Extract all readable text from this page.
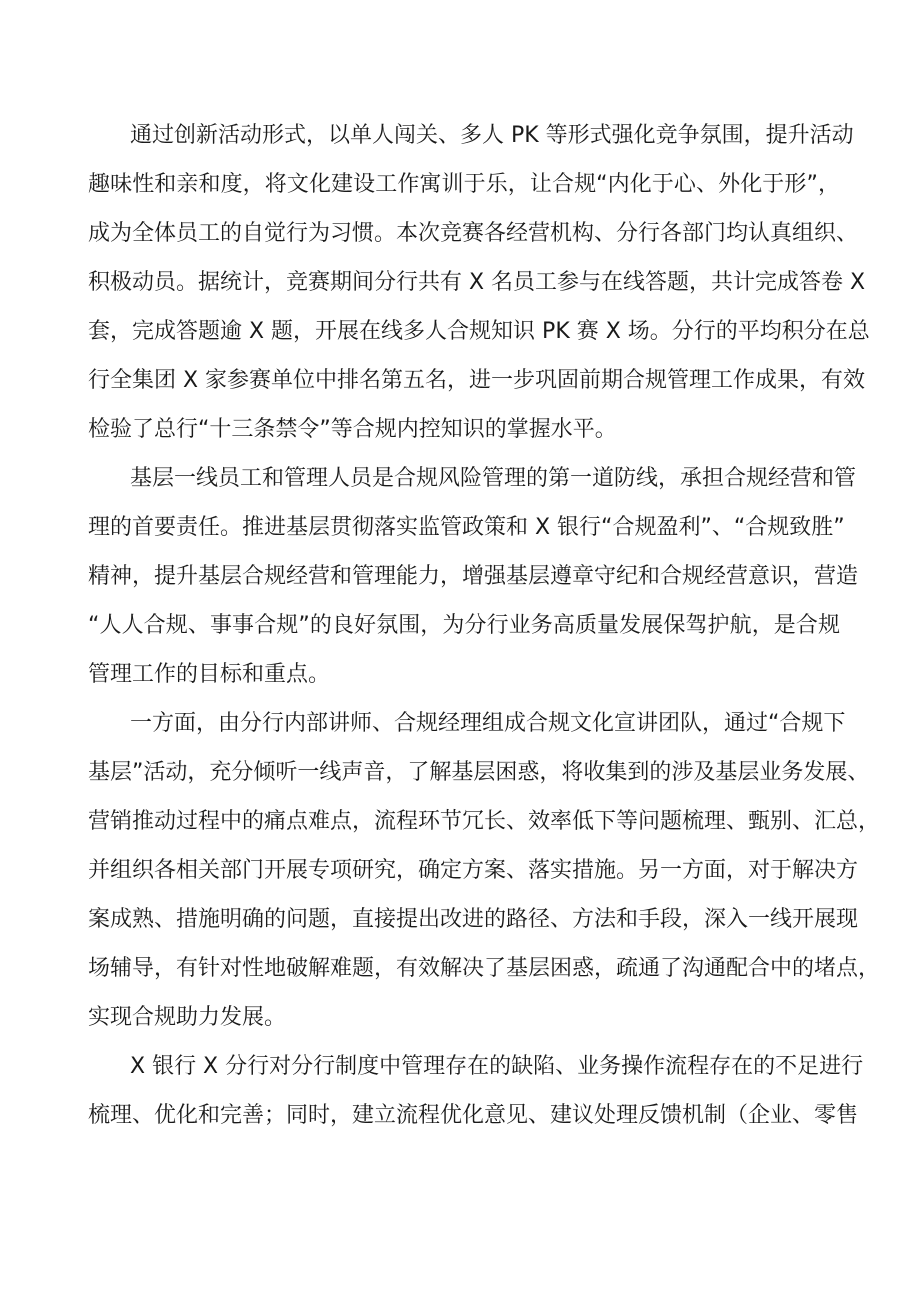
通过创新活动形式，以单人闯关、多人 PK 等形式强化竞争氛围，提升活动
趣味性和亲和度，将文化建设工作寓训于乐，让合规“内化于心、外化于形”，
成为全体员工的自觉行为习惯。本次竞赛各经营机构、分行各部门均认真组织、
积极动员。据统计，竞赛期间分行共有 X 名员工参与在线答题，共计完成答卷 X
套，完成答题逾 X 题，开展在线多人合规知识 PK 赛 X 场。分行的平均积分在总
行全集团 X 家参赛单位中排名第五名，进一步巩固前期合规管理工作成果，有效
检验了总行“十三条禁令”等合规内控知识的掌握水平。
基层一线员工和管理人员是合规风险管理的第一道防线，承担合规经营和管
理的首要责任。推进基层贯彻落实监管政策和 X 银行“合规盈利”、“合规致胜”
精神，提升基层合规经营和管理能力，增强基层遵章守纪和合规经营意识，营造
“人人合规、事事合规”的良好氛围，为分行业务高质量发展保驾护航，是合规
管理工作的目标和重点。
一方面，由分行内部讲师、合规经理组成合规文化宣讲团队，通过“合规下
基层”活动，充分倾听一线声音，了解基层困惑，将收集到的涉及基层业务发展、
营销推动过程中的痛点难点，流程环节冗长、效率低下等问题梳理、甄别、汇总，
并组织各相关部门开展专项研究，确定方案、落实措施。另一方面，对于解决方
案成熟、措施明确的问题，直接提出改进的路径、方法和手段，深入一线开展现
场辅导，有针对性地破解难题，有效解决了基层困惑，疏通了沟通配合中的堵点，
实现合规助力发展。
X 银行 X 分行对分行制度中管理存在的缺陷、业务操作流程存在的不足进行
梳理、优化和完善；同时，建立流程优化意见、建议处理反馈机制（企业、零售
